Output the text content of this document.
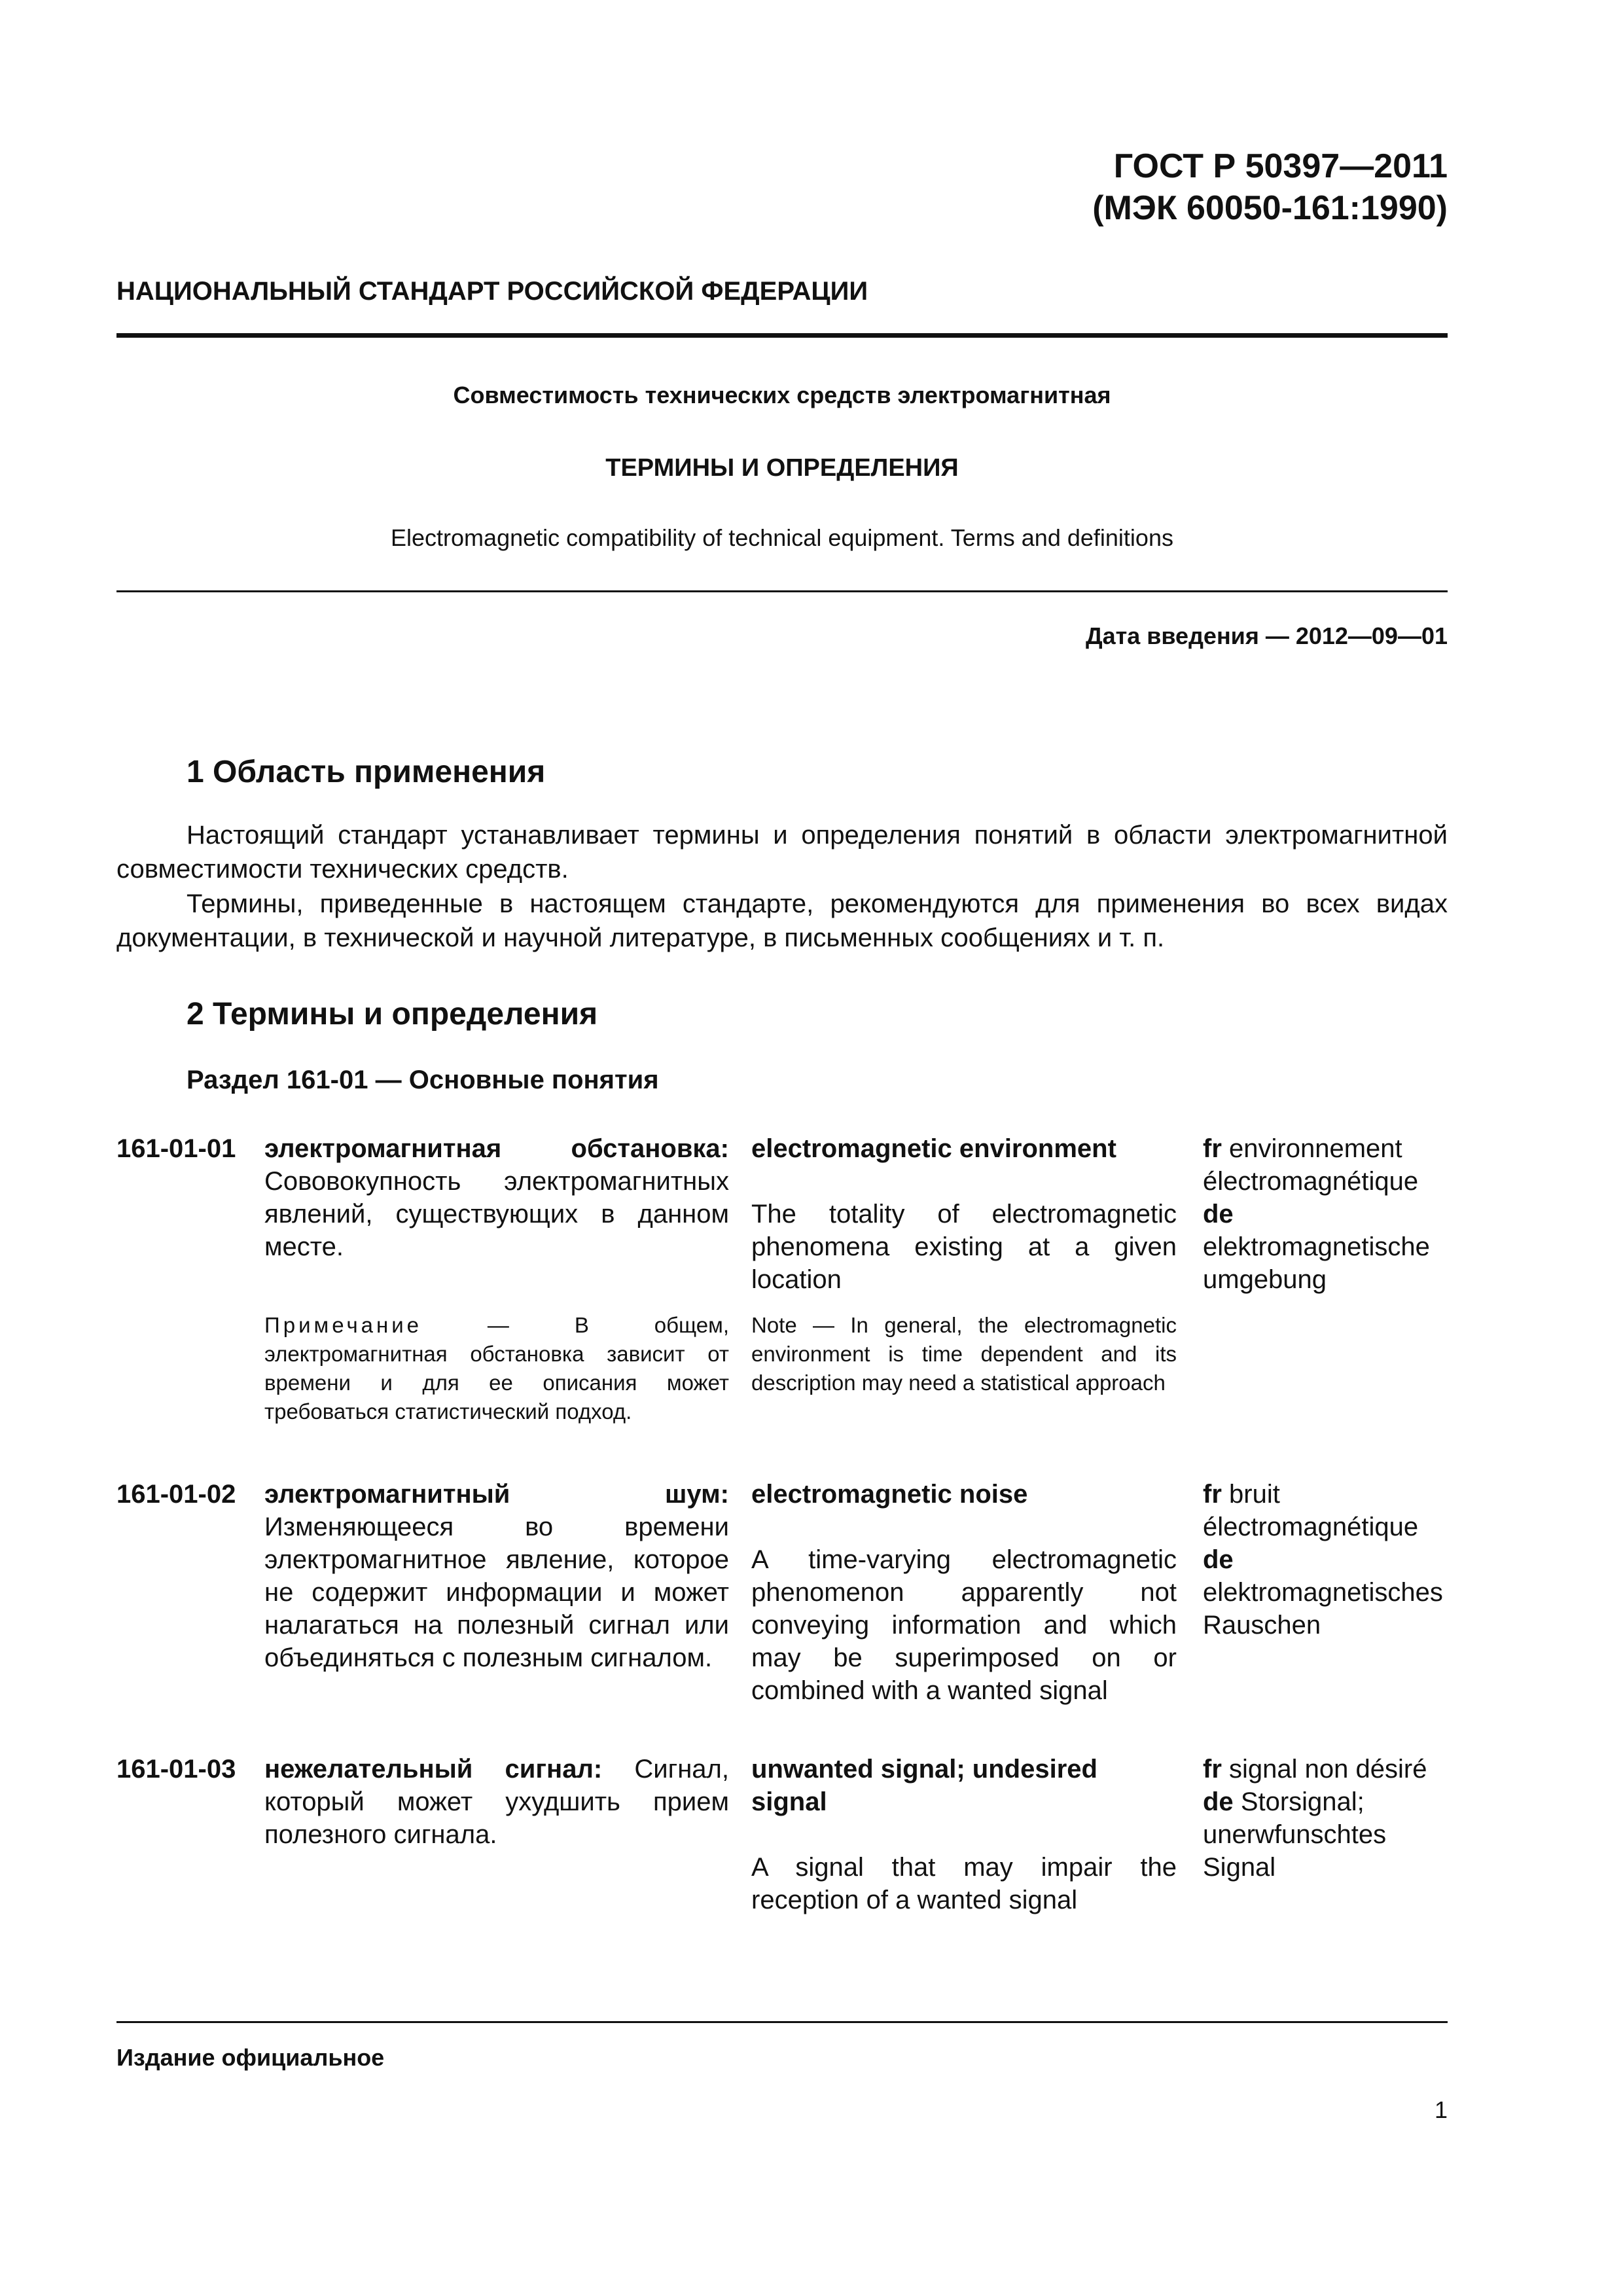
ГОСТ Р 50397—2011
(МЭК 60050-161:1990)
НАЦИОНАЛЬНЫЙ СТАНДАРТ РОССИЙСКОЙ ФЕДЕРАЦИИ
Совместимость технических средств электромагнитная
ТЕРМИНЫ И ОПРЕДЕЛЕНИЯ
Electromagnetic compatibility of technical equipment. Terms and definitions
Дата введения — 2012—09—01
1 Область применения
Настоящий стандарт устанавливает термины и определения понятий в области электромагнитной совместимости технических средств.
Термины, приведенные в настоящем стандарте, рекомендуются для применения во всех видах документации, в технической и научной литературе, в письменных сообщениях и т. п.
2 Термины и определения
Раздел 161-01 — Основные понятия
161-01-01 электромагнитная обстановка: Сововокупность электромагнитных явлений, существующих в данном месте.
electromagnetic environment
The totality of electromagnetic phenomena existing at a given location
fr environnement électromagnétique
de elektromagnetische umgebung
Примечание — В общем, электромагнитная обстановка зависит от времени и для ее описания может требоваться статистический подход.
Note — In general, the electromagnetic environment is time dependent and its description may need a statistical approach
161-01-02 электромагнитный шум: Изменяющееся во времени электромагнитное явление, которое не содержит информации и может налагаться на полезный сигнал или объединяться с полезным сигналом.
electromagnetic noise
A time-varying electromagnetic phenomenon apparently not conveying information and which may be superimposed on or combined with a wanted signal
fr bruit électromagnétique
de elektromagnetisches Rauschen
161-01-03 нежелательный сигнал: Сигнал, который может ухудшить прием полезного сигнала.
unwanted signal; undesired signal
A signal that may impair the reception of a wanted signal
fr signal non désiré
de Storsignal; unerwfunschtes Signal
Издание официальное
1
